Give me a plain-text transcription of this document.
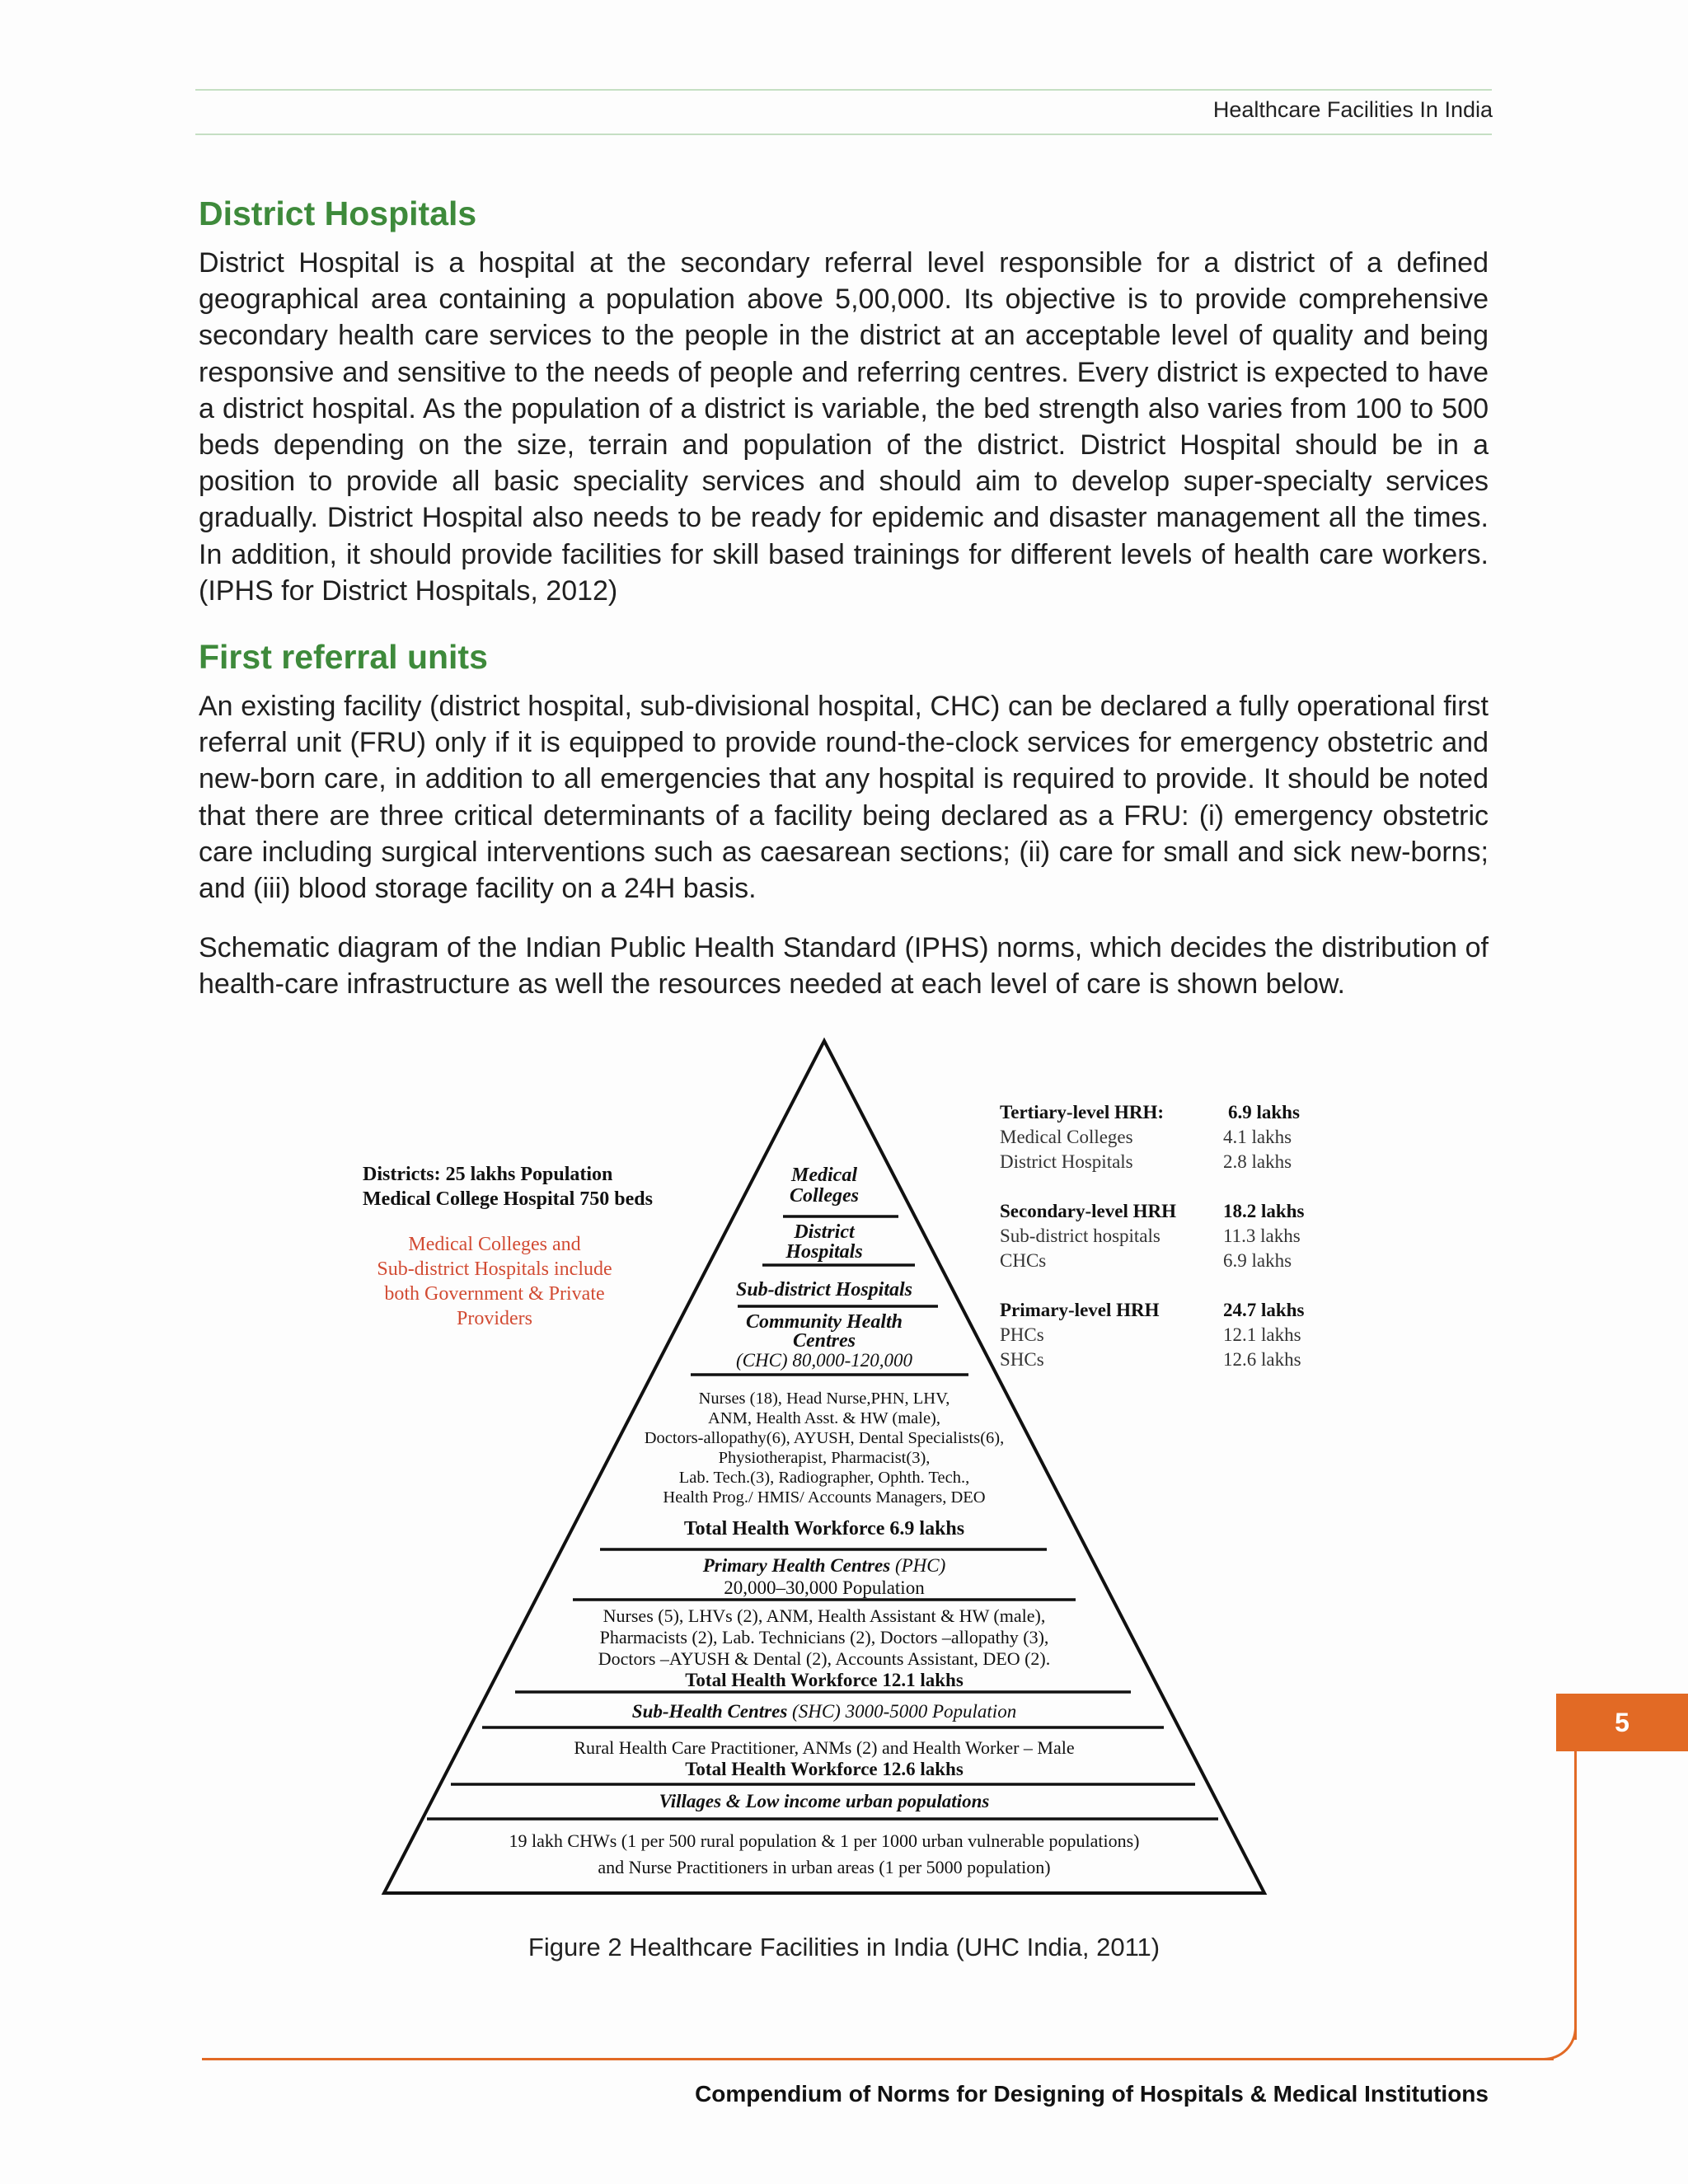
Healthcare Facilities In India
District Hospitals

District Hospital is a hospital at the secondary referral level responsible for a district of a defined geographical area containing a population above 5,00,000. Its objective is to provide comprehensive secondary health care services to the people in the district at an acceptable level of quality and being responsive and sensitive to the needs of people and referring centres. Every district is expected to have a district hospital. As the population of a district is variable, the bed strength also varies from 100 to 500 beds depending on the size, terrain and population of the district. District Hospital should be in a position to provide all basic speciality services and should aim to develop super-specialty services gradually. District Hospital also needs to be ready for epidemic and disaster management all the times. In addition, it should provide facilities for skill based trainings for different levels of health care workers. (IPHS for District Hospitals, 2012)

First referral units

An existing facility (district hospital, sub-divisional hospital, CHC) can be declared a fully operational first referral unit (FRU) only if it is equipped to provide round-the-clock services for emergency obstetric and new-born care, in addition to all emergencies that any hospital is required to provide. It should be noted that there are three critical determinants of a facility being declared as a FRU: (i) emergency obstetric care including surgical interventions such as caesarean sections; (ii) care for small and sick new-borns; and (iii) blood storage facility on a 24H basis.

Schematic diagram of the Indian Public Health Standard (IPHS) norms, which decides the distribution of health-care infrastructure as well the resources needed at each level of care is shown below.

Districts: 25 lakhs Population
Medical College Hospital 750 beds
Medical Colleges and
Sub-district Hospitals include
both Government & Private
Providers
Medical
Colleges
District
Hospitals
Sub-district Hospitals
Community Health
Centres
(CHC) 80,000-120,000
Nurses (18), Head Nurse,PHN, LHV,
ANM, Health Asst. & HW (male),
Doctors-allopathy(6), AYUSH, Dental Specialists(6),
Physiotherapist, Pharmacist(3),
Lab. Tech.(3), Radiographer, Ophth. Tech.,
Health Prog./ HMIS/ Accounts Managers, DEO
Total Health Workforce 6.9 lakhs
Primary Health Centres (PHC)
20,000–30,000 Population
Nurses (5), LHVs (2), ANM, Health Assistant & HW (male),
Pharmacists (2), Lab. Technicians (2), Doctors –allopathy (3),
Doctors –AYUSH & Dental (2), Accounts Assistant, DEO (2).
Total Health Workforce 12.1 lakhs
Sub-Health Centres (SHC) 3000-5000 Population
Rural Health Care Practitioner, ANMs (2) and Health Worker – Male
Total Health Workforce 12.6 lakhs
Villages & Low income urban populations
19 lakh CHWs (1 per 500 rural population & 1 per 1000 urban vulnerable populations)
and Nurse Practitioners in urban areas (1 per 5000 population)
Tertiary-level HRH:	6.9 lakhs
Medical Colleges	4.1 lakhs
District Hospitals	2.8 lakhs
Secondary-level HRH 18.2 lakhs
Sub-district hospitals	11.3 lakhs
CHCs	6.9 lakhs
Primary-level HRH	24.7 lakhs
PHCs	12.1 lakhs
SHCs	12.6 lakhs
Figure 2 Healthcare Facilities in India (UHC India, 2011)
5
Compendium of Norms for Designing of Hospitals & Medical Institutions
